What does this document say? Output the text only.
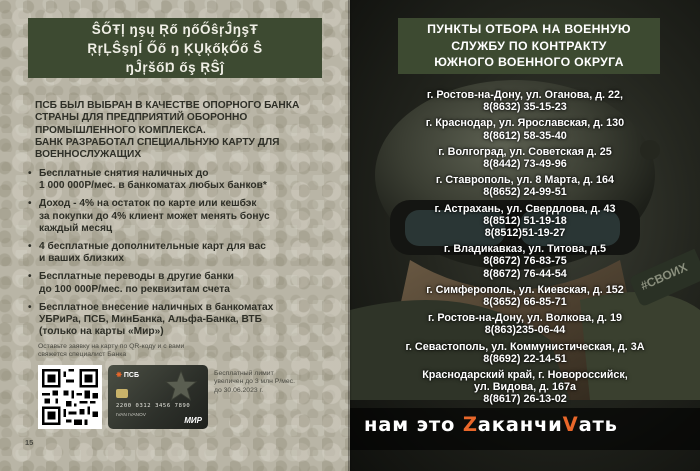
ŜŐŦļ ŋşų Ŗő ŋőŐŝŗĴŋşŦ
ŖŗĻŜşŋĺ Őő ŋ ĶŲķőķŐő Ŝ
ŋĴŗšőŊ őş ŖŜĵ
ПСБ БЫЛ ВЫБРАН В КАЧЕСТВЕ ОПОРНОГО БАНКА
СТРАНЫ ДЛЯ ПРЕДПРИЯТИЙ ОБОРОННО
ПРОМЫШЛЕННОГО КОМПЛЕКСА.
БАНК РАЗРАБОТАЛ СПЕЦИАЛЬНУЮ КАРТУ ДЛЯ
ВОЕННОСЛУЖАЩИХ
• Бесплатные снятия наличных до
1 000 000Р/мес. в банкоматах любых банков*
• Доход - 4% на остаток по карте или кешбэк
за покупки до 4% клиент может менять бонус
каждый месяц
• 4 бесплатные дополнительные карт для вас
и ваших близких
• Бесплатные переводы в другие банки
до 100 000Р/мес. по реквизитам счета
• Бесплатное внесение наличных в банкоматах
УБРиРа, ПСБ, МинБанка, Альфа-Банка, ВТБ
(только на карты «Мир»)
Оставьте заявку на карту по QR-коду и с вами
свяжется специалист Банка
❋ ПСБ
2200 0312 3456 7890
IVAN IVANOV
МИР
Бесплатный лимит
увеличен до 3 млн Р/мес.
до 30.06.2023 г.
15
#СВОИХ
ПУНКТЫ ОТБОРА НА ВОЕННУЮ
СЛУЖБУ ПО КОНТРАКТУ
ЮЖНОГО ВОЕННОГО ОКРУГА
г. Ростов-на-Дону, ул. Оганова, д. 22,
8(8632) 35-15-23
г. Краснодар, ул. Ярославская, д. 130
8(8612) 58-35-40
г. Волгоград, ул. Советская д. 25
8(8442) 73-49-96
г. Ставрополь, ул. 8 Марта, д. 164
8(8652) 24-99-51
г. Астрахань, ул. Свердлова, д. 43
8(8512) 51-19-18
8(8512)51-19-27
г. Владикавказ, ул. Титова, д.5
8(8672) 76-83-75
8(8672) 76-44-54
г. Симферополь, ул. Киевская, д. 152
8(3652) 66-85-71
г. Ростов-на-Дону, ул. Волкова, д. 19
8(863)235-06-44
г. Севастополь, ул. Коммунистическая, д. 3А
8(8692) 22-14-51
Краснодарский край, г. Новороссийск,
ул. Видова, д. 167а
8(8617) 26-13-02
нам это ZаканчиVать
